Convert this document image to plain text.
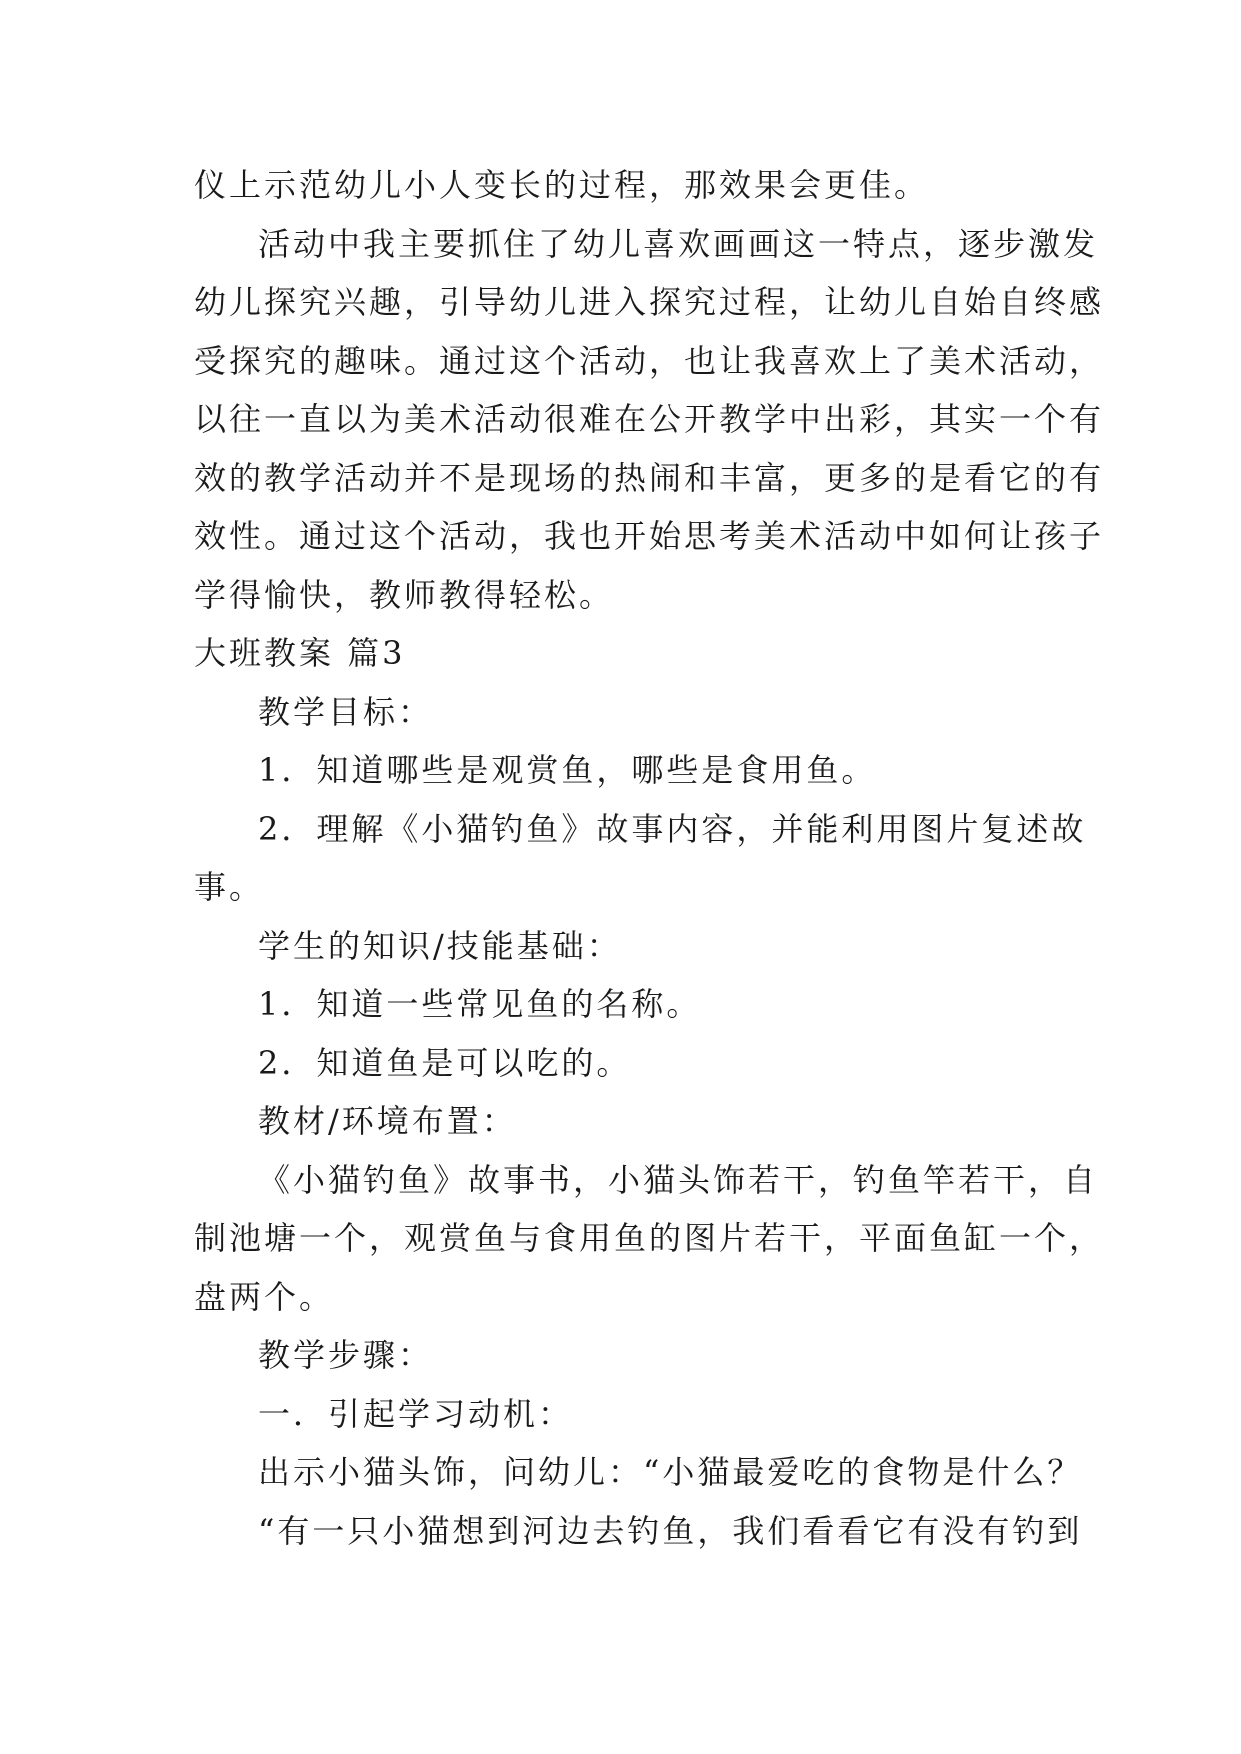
仪上示范幼儿小人变长的过程，那效果会更佳。
活动中我主要抓住了幼儿喜欢画画这一特点，逐步激发
幼儿探究兴趣，引导幼儿进入探究过程，让幼儿自始自终感
受探究的趣味。通过这个活动，也让我喜欢上了美术活动，
以往一直以为美术活动很难在公开教学中出彩，其实一个有
效的教学活动并不是现场的热闹和丰富，更多的是看它的有
效性。通过这个活动，我也开始思考美术活动中如何让孩子
学得愉快，教师教得轻松。
大班教案 篇3
教学目标：
1．知道哪些是观赏鱼，哪些是食用鱼。
2．理解《小猫钓鱼》故事内容，并能利用图片复述故
事。
学生的知识/技能基础：
1．知道一些常见鱼的名称。
2．知道鱼是可以吃的。
教材/环境布置：
《小猫钓鱼》故事书，小猫头饰若干，钓鱼竿若干，自
制池塘一个，观赏鱼与食用鱼的图片若干，平面鱼缸一个，
盘两个。
教学步骤：
一．引起学习动机：
出示小猫头饰，问幼儿：“小猫最爱吃的食物是什么？
“有一只小猫想到河边去钓鱼，我们看看它有没有钓到
